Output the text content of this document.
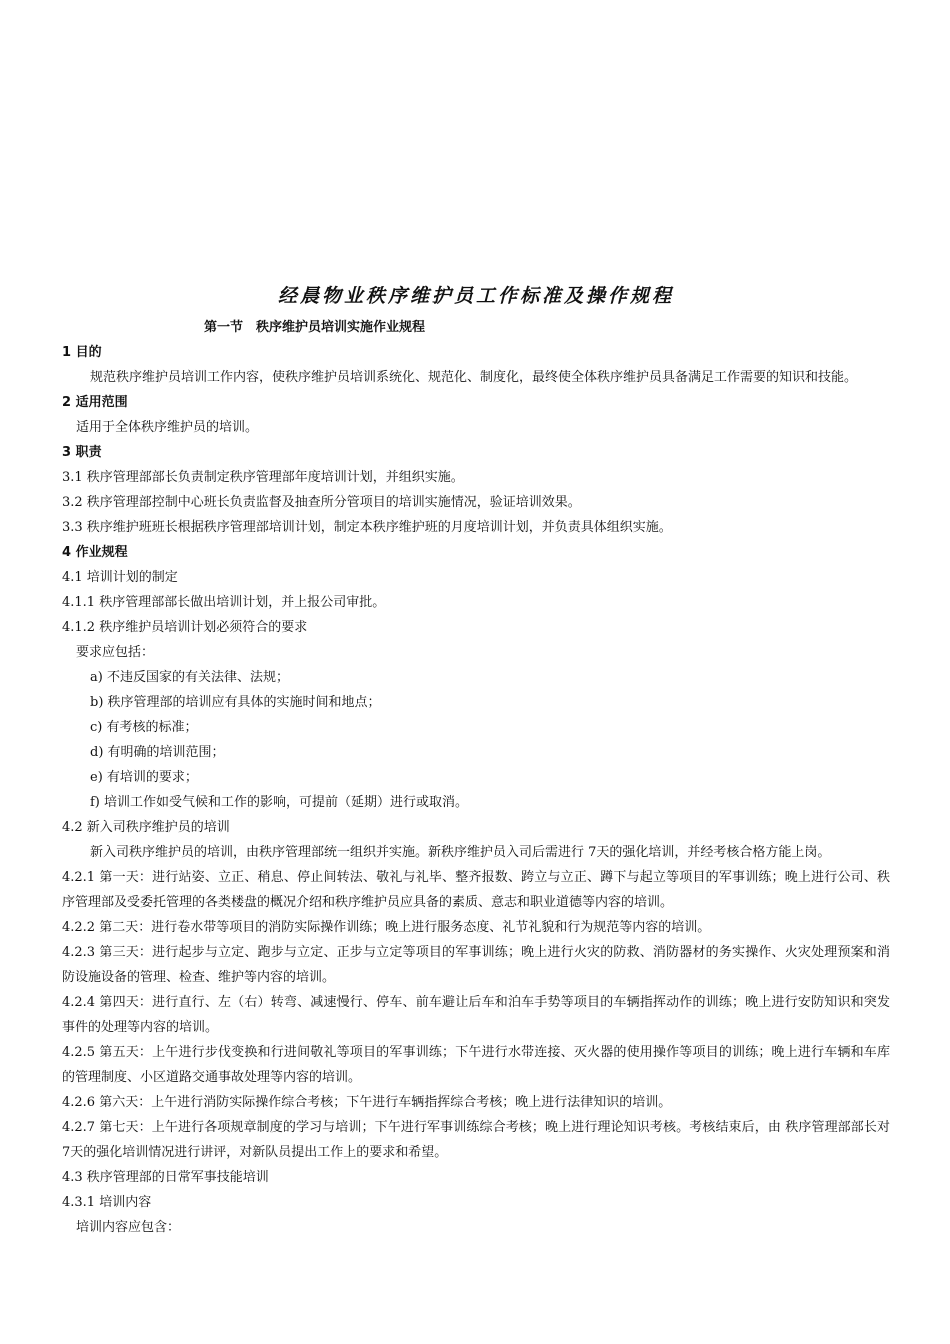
经晨物业秩序维护员工作标准及操作规程
第一节　秩序维护员培训实施作业规程
1 目的
规范秩序维护员培训工作内容，使秩序维护员培训系统化、规范化、制度化，最终使全体秩序维护员具备满足工作需要的知识和技能。
2 适用范围
适用于全体秩序维护员的培训。
3 职责
3.1 秩序管理部部长负责制定秩序管理部年度培训计划，并组织实施。
3.2 秩序管理部控制中心班长负责监督及抽查所分管项目的培训实施情况，验证培训效果。
3.3 秩序维护班班长根据秩序管理部培训计划，制定本秩序维护班的月度培训计划，并负责具体组织实施。
4 作业规程
4.1 培训计划的制定
4.1.1 秩序管理部部长做出培训计划，并上报公司审批。
4.1.2 秩序维护员培训计划必须符合的要求
要求应包括：
a) 不违反国家的有关法律、法规；
b) 秩序管理部的培训应有具体的实施时间和地点；
c) 有考核的标准；
d) 有明确的培训范围；
e) 有培训的要求；
f) 培训工作如受气候和工作的影响，可提前（延期）进行或取消。
4.2 新入司秩序维护员的培训
新入司秩序维护员的培训，由秩序管理部统一组织并实施。新秩序维护员入司后需进行 7天的强化培训，并经考核合格方能上岗。
4.2.1 第一天：进行站姿、立正、稍息、停止间转法、敬礼与礼毕、整齐报数、跨立与立正、蹲下与起立等项目的军事训练；晚上进行公司、秩序管理部及受委托管理的各类楼盘的概况介绍和秩序维护员应具备的素质、意志和职业道德等内容的培训。
4.2.2 第二天：进行卷水带等项目的消防实际操作训练；晚上进行服务态度、礼节礼貌和行为规范等内容的培训。
4.2.3 第三天：进行起步与立定、跑步与立定、正步与立定等项目的军事训练；晚上进行火灾的防救、消防器材的务实操作、火灾处理预案和消防设施设备的管理、检查、维护等内容的培训。
4.2.4 第四天：进行直行、左（右）转弯、减速慢行、停车、前车避让后车和泊车手势等项目的车辆指挥动作的训练；晚上进行安防知识和突发事件的处理等内容的培训。
4.2.5 第五天：上午进行步伐变换和行进间敬礼等项目的军事训练；下午进行水带连接、灭火器的使用操作等项目的训练；晚上进行车辆和车库的管理制度、小区道路交通事故处理等内容的培训。
4.2.6 第六天：上午进行消防实际操作综合考核；下午进行车辆指挥综合考核；晚上进行法律知识的培训。
4.2.7 第七天：上午进行各项规章制度的学习与培训；下午进行军事训练综合考核；晚上进行理论知识考核。考核结束后，由 秩序管理部部长对 7天的强化培训情况进行讲评，对新队员提出工作上的要求和希望。
4.3 秩序管理部的日常军事技能培训
4.3.1 培训内容
培训内容应包含：
